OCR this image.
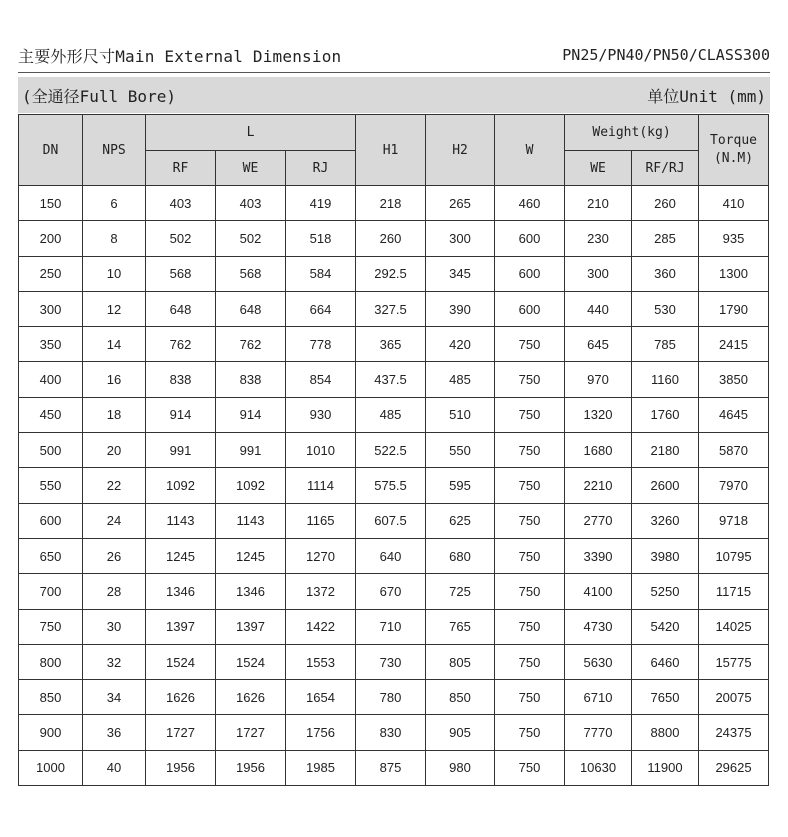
主要外形尺寸Main External Dimension	PN25/PN40/PN50/CLASS300
(全通径Full Bore)	单位Unit (mm)
DN	NPS	L			H1	H2	W	Weight(kg)		Torque
(N.M)

		RF	WE	RJ				WE	RF/RJ	
150	6	403	403	419	218	265	460	210	260	410
200	8	502	502	518	260	300	600	230	285	935
250	10	568	568	584	292.5	345	600	300	360	1300
300	12	648	648	664	327.5	390	600	440	530	1790
350	14	762	762	778	365	420	750	645	785	2415
400	16	838	838	854	437.5	485	750	970	1160	3850
450	18	914	914	930	485	510	750	1320	1760	4645
500	20	991	991	1010	522.5	550	750	1680	2180	5870
550	22	1092	1092	1114	575.5	595	750	2210	2600	7970
600	24	1143	1143	1165	607.5	625	750	2770	3260	9718
650	26	1245	1245	1270	640	680	750	3390	3980	10795
700	28	1346	1346	1372	670	725	750	4100	5250	11715
750	30	1397	1397	1422	710	765	750	4730	5420	14025
800	32	1524	1524	1553	730	805	750	5630	6460	15775
850	34	1626	1626	1654	780	850	750	6710	7650	20075
900	36	1727	1727	1756	830	905	750	7770	8800	24375
1000	40	1956	1956	1985	875	980	750	10630	11900	29625
